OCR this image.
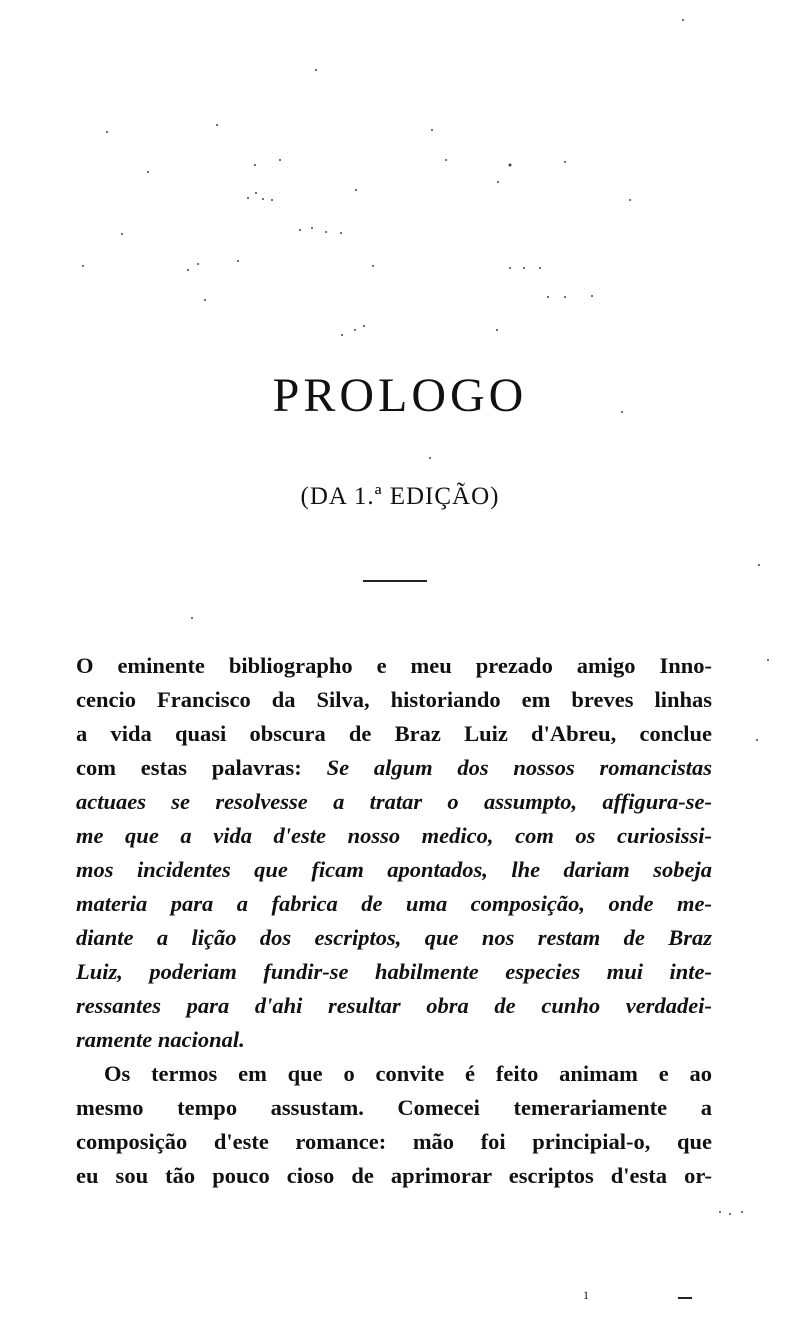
PROLOGO
(DA 1.ª EDIÇÃO)
O eminente bibliographo e meu prezado amigo Inno-
cencio Francisco da Silva, historiando em breves linhas
a vida quasi obscura de Braz Luiz d'Abreu, conclue
com estas palavras: Se algum dos nossos romancistas
actuaes se resolvesse a tratar o assumpto, affigura-se-
me que a vida d'este nosso medico, com os curiosissi-
mos incidentes que ficam apontados, lhe dariam sobeja
materia para a fabrica de uma composição, onde me-
diante a lição dos escriptos, que nos restam de Braz
Luiz, poderiam fundir-se habilmente especies mui inte-
ressantes para d'ahi resultar obra de cunho verdadei-
ramente nacional.
Os termos em que o convite é feito animam e ao
mesmo tempo assustam. Comecei temerariamente a
composição d'este romance: mão foi principial-o, que
eu sou tão pouco cioso de aprimorar escriptos d'esta or-
1
